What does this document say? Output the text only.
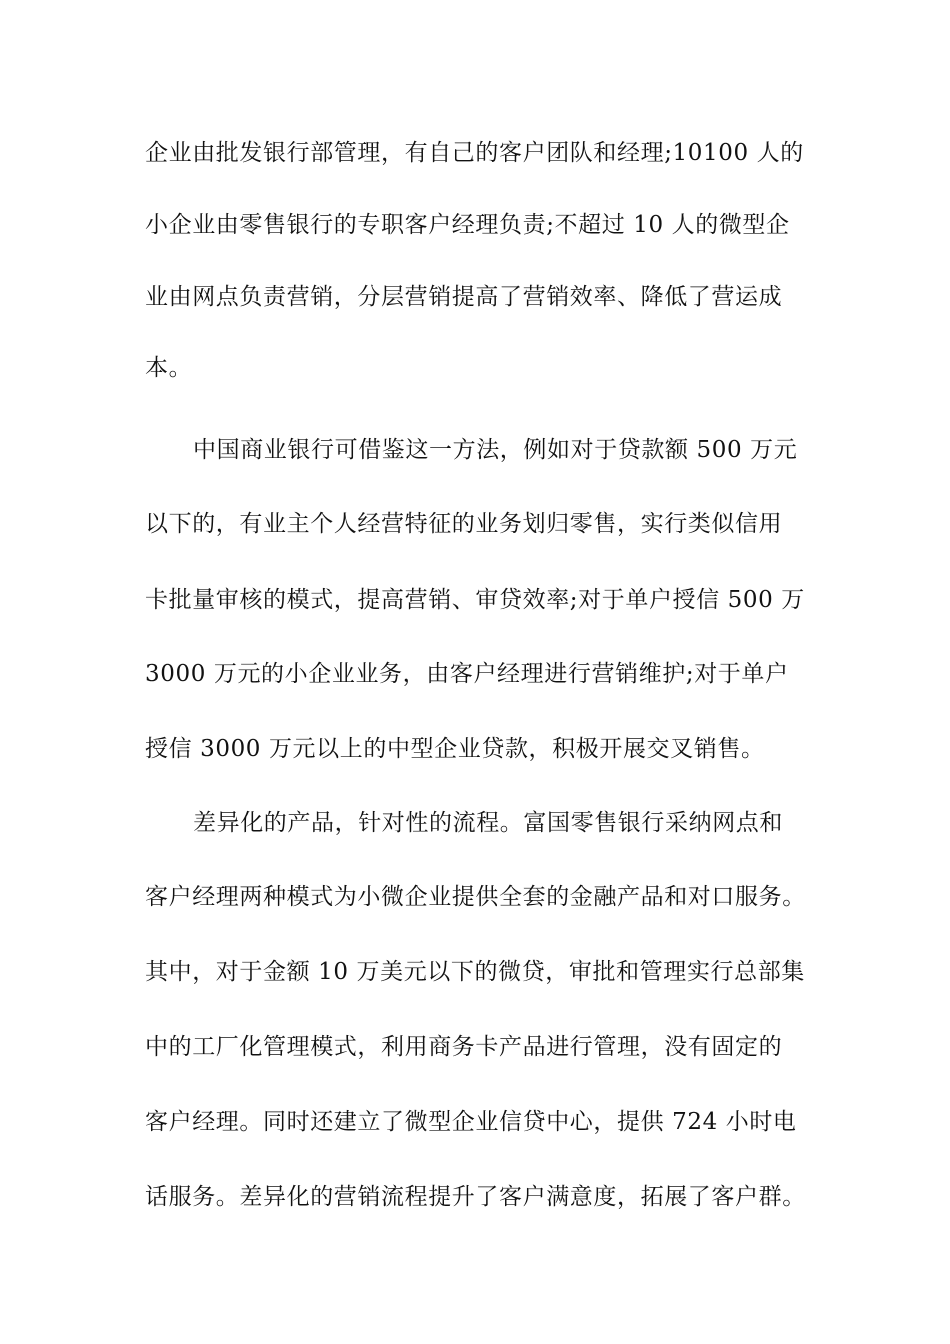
企业由批发银行部管理，有自己的客户团队和经理;10100 人的
小企业由零售银行的专职客户经理负责;不超过 10 人的微型企
业由网点负责营销，分层营销提高了营销效率、降低了营运成
本。
中国商业银行可借鉴这一方法，例如对于贷款额 500 万元
以下的，有业主个人经营特征的业务划归零售，实行类似信用
卡批量审核的模式，提高营销、审贷效率;对于单户授信 500 万
3000 万元的小企业业务，由客户经理进行营销维护;对于单户
授信 3000 万元以上的中型企业贷款，积极开展交叉销售。
差异化的产品，针对性的流程。富国零售银行采纳网点和
客户经理两种模式为小微企业提供全套的金融产品和对口服务。
其中，对于金额 10 万美元以下的微贷，审批和管理实行总部集
中的工厂化管理模式，利用商务卡产品进行管理，没有固定的
客户经理。同时还建立了微型企业信贷中心，提供 724 小时电
话服务。差异化的营销流程提升了客户满意度，拓展了客户群。
